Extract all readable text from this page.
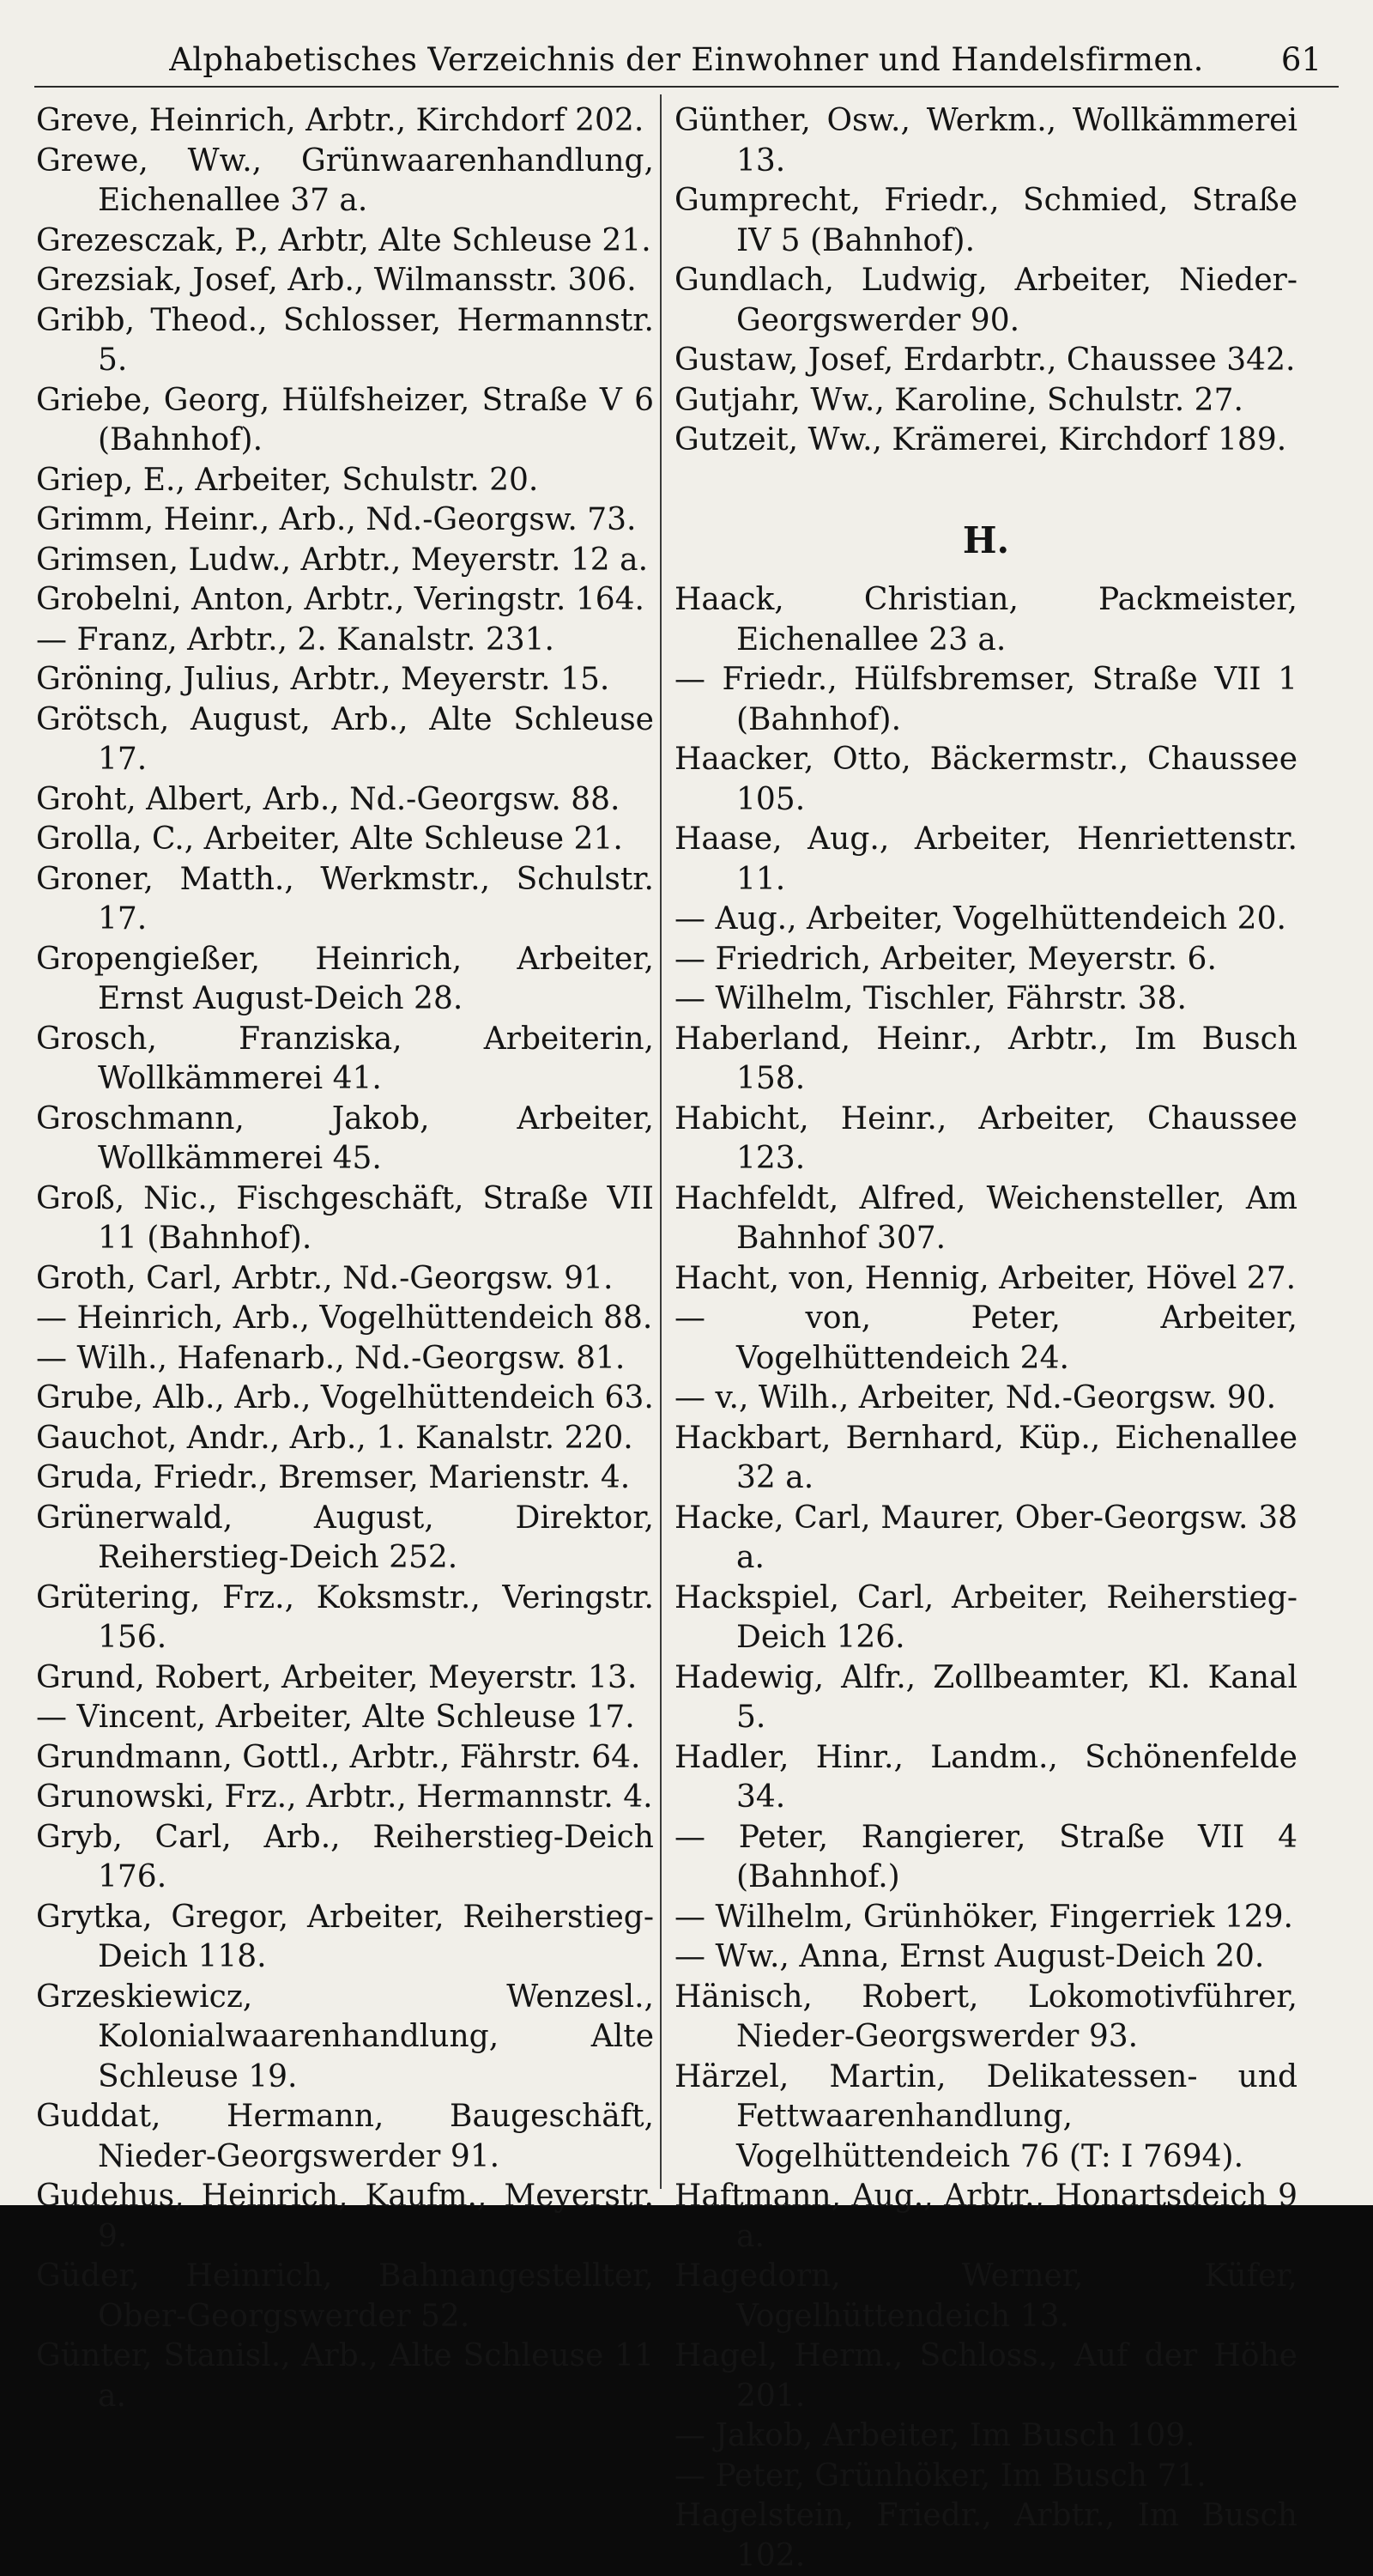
Alphabetisches Verzeichnis der Einwohner und Handelsfirmen.	61

Greve, Heinrich, Arbtr., Kirchdorf 202.

Grewe, Ww., Grünwaarenhandlung, Eichenallee 37 a.

Grezesczak, P., Arbtr, Alte Schleuse 21.

Grezsiak, Josef, Arb., Wilmansstr. 306.

Gribb, Theod., Schlosser, Hermannstr. 5.

Griebe, Georg, Hülfsheizer, Straße V 6 (Bahnhof).

Griep, E., Arbeiter, Schulstr. 20.

Grimm, Heinr., Arb., Nd.-Georgsw. 73.

Grimsen, Ludw., Arbtr., Meyerstr. 12 a.

Grobelni, Anton, Arbtr., Veringstr. 164.

— Franz, Arbtr., 2. Kanalstr. 231.

Gröning, Julius, Arbtr., Meyerstr. 15.

Grötsch, August, Arb., Alte Schleuse 17.

Groht, Albert, Arb., Nd.-Georgsw. 88.

Grolla, C., Arbeiter, Alte Schleuse 21.

Groner, Matth., Werkmstr., Schulstr. 17.

Gropengießer, Heinrich, Arbeiter, Ernst August-Deich 28.

Grosch, Franziska, Arbeiterin, Wollkämmerei 41.

Groschmann, Jakob, Arbeiter, Wollkämmerei 45.

Groß, Nic., Fischgeschäft, Straße VII 11 (Bahnhof).

Groth, Carl, Arbtr., Nd.-Georgsw. 91.

— Heinrich, Arb., Vogelhüttendeich 88.

— Wilh., Hafenarb., Nd.-Georgsw. 81.

Grube, Alb., Arb., Vogelhüttendeich 63.

Gauchot, Andr., Arb., 1. Kanalstr. 220.

Gruda, Friedr., Bremser, Marienstr. 4.

Grünerwald, August, Direktor, Reiherstieg-Deich 252.

Grütering, Frz., Koksmstr., Veringstr. 156.

Grund, Robert, Arbeiter, Meyerstr. 13.

— Vincent, Arbeiter, Alte Schleuse 17.

Grundmann, Gottl., Arbtr., Fährstr. 64.

Grunowski, Frz., Arbtr., Hermannstr. 4.

Gryb, Carl, Arb., Reiherstieg-Deich 176.

Grytka, Gregor, Arbeiter, Reiherstieg-Deich 118.

Grzeskiewicz, Wenzesl., Kolonialwaarenhandlung, Alte Schleuse 19.

Guddat, Hermann, Baugeschäft, Nieder-Georgswerder 91.

Gudehus, Heinrich, Kaufm., Meyerstr. 9.

Güder, Heinrich, Bahnangestellter, Ober-Georgswerder 52.

Günter, Stanisl., Arb., Alte Schleuse 11 a.

Günther, Osw., Werkm., Wollkämmerei 13.

Gumprecht, Friedr., Schmied, Straße IV 5 (Bahnhof).

Gundlach, Ludwig, Arbeiter, Nieder-Georgswerder 90.

Gustaw, Josef, Erdarbtr., Chaussee 342.

Gutjahr, Ww., Karoline, Schulstr. 27.

Gutzeit, Ww., Krämerei, Kirchdorf 189.

H.

Haack, Christian, Packmeister, Eichenallee 23 a.

— Friedr., Hülfsbremser, Straße VII 1 (Bahnhof).

Haacker, Otto, Bäckermstr., Chaussee 105.

Haase, Aug., Arbeiter, Henriettenstr. 11.

— Aug., Arbeiter, Vogelhüttendeich 20.

— Friedrich, Arbeiter, Meyerstr. 6.

— Wilhelm, Tischler, Fährstr. 38.

Haberland, Heinr., Arbtr., Im Busch 158.

Habicht, Heinr., Arbeiter, Chaussee 123.

Hachfeldt, Alfred, Weichensteller, Am Bahnhof 307.

Hacht, von, Hennig, Arbeiter, Hövel 27.

— von, Peter, Arbeiter, Vogelhüttendeich 24.

— v., Wilh., Arbeiter, Nd.-Georgsw. 90.

Hackbart, Bernhard, Küp., Eichenallee 32 a.

Hacke, Carl, Maurer, Ober-Georgsw. 38 a.

Hackspiel, Carl, Arbeiter, Reiherstieg-Deich 126.

Hadewig, Alfr., Zollbeamter, Kl. Kanal 5.

Hadler, Hinr., Landm., Schönenfelde 34.

— Peter, Rangierer, Straße VII 4 (Bahnhof.)

— Wilhelm, Grünhöker, Fingerriek 129.

— Ww., Anna, Ernst August-Deich 20.

Hänisch, Robert, Lokomotivführer, Nieder-Georgswerder 93.

Härzel, Martin, Delikatessen- und Fettwaarenhandlung, Vogelhüttendeich 76 (T: I 7694).

Haftmann, Aug., Arbtr., Honartsdeich 9 a.

Hagedorn, Werner, Küfer, Vogelhüttendeich 13.

Hagel, Herm., Schloss., Auf der Höhe 201.

— Jakob, Arbeiter, Im Busch 109.

— Peter, Grünhöker, Im Busch 71.

Hagelstein, Friedr., Arbtr., Im Busch 102.
